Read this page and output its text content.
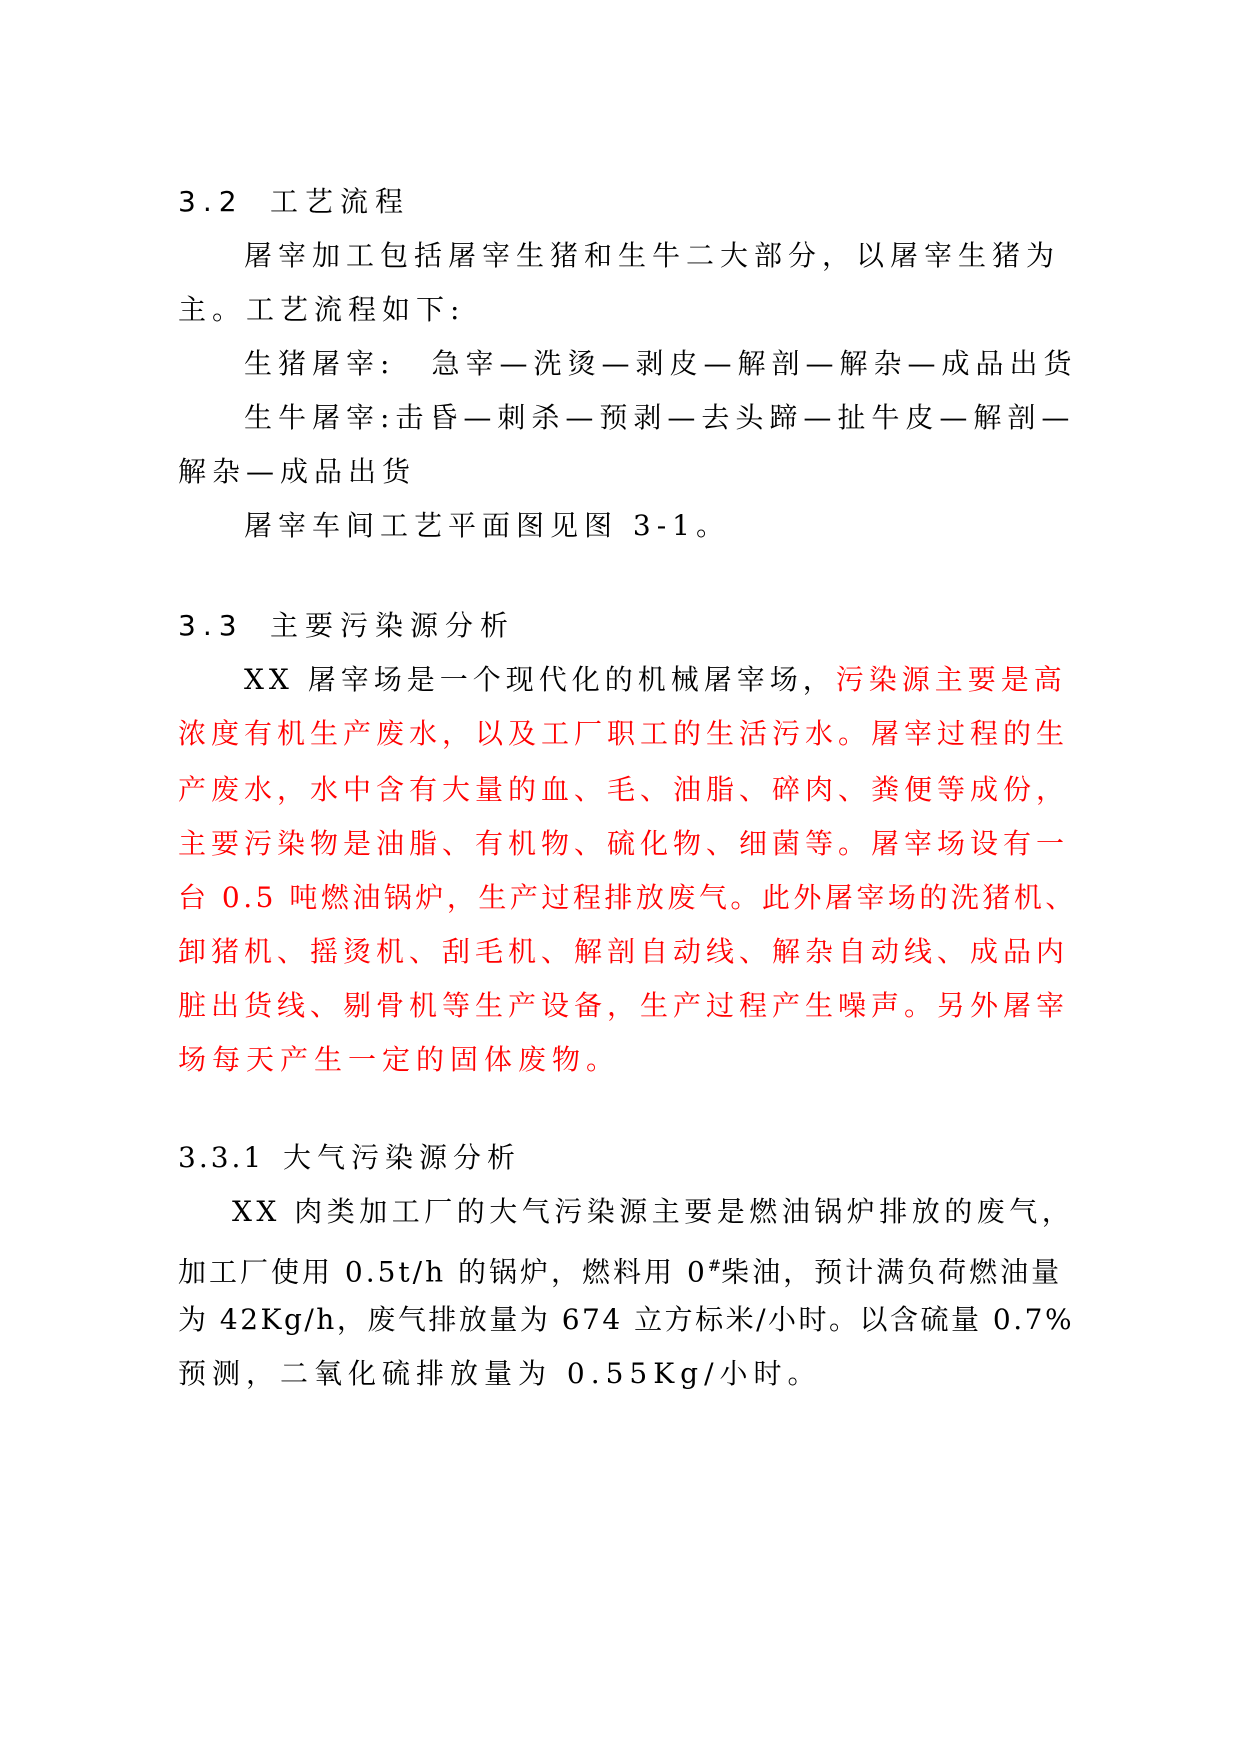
3.2 工艺流程
屠宰加工包括屠宰生猪和生牛二大部分，以屠宰生猪为
主。工艺流程如下:
生猪屠宰: 急宰—洗烫—剥皮—解剖—解杂—成品出货
生牛屠宰:击昏—刺杀—预剥—去头蹄—扯牛皮—解剖—
解杂—成品出货
屠宰车间工艺平面图见图 3-1。
3.3 主要污染源分析
XX 屠宰场是一个现代化的机械屠宰场，污染源主要是高
浓度有机生产废水，以及工厂职工的生活污水。屠宰过程的生
产废水，水中含有大量的血、毛、油脂、碎肉、粪便等成份，
主要污染物是油脂、有机物、硫化物、细菌等。屠宰场设有一
台 0.5 吨燃油锅炉，生产过程排放废气。此外屠宰场的洗猪机、
卸猪机、摇烫机、刮毛机、解剖自动线、解杂自动线、成品内
脏出货线、剔骨机等生产设备，生产过程产生噪声。另外屠宰
场每天产生一定的固体废物。
3.3.1 大气污染源分析
XX 肉类加工厂的大气污染源主要是燃油锅炉排放的废气，
加工厂使用 0.5t/h 的锅炉，燃料用 0#柴油，预计满负荷燃油量
为 42Kg/h，废气排放量为 674 立方标米/小时。以含硫量 0.7%
预测，二氧化硫排放量为 0.55Kg/小时。
